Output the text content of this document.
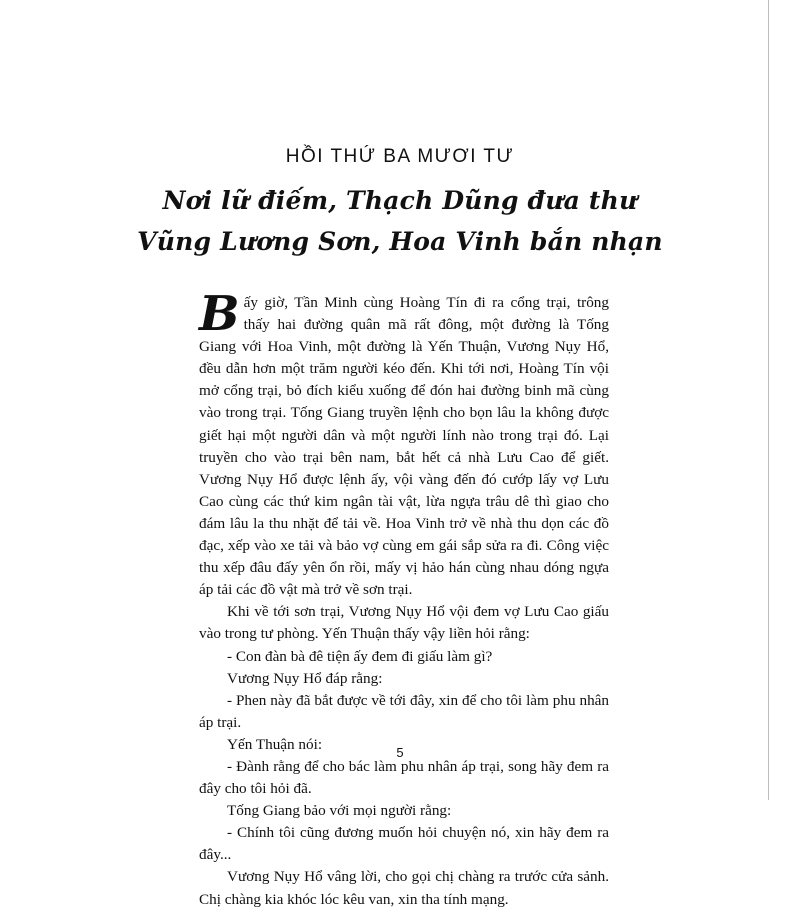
HỒI THỨ BA MƯƠI TƯ
Nơi lữ điếm, Thạch Dũng đưa thư
Vũng Lương Sơn, Hoa Vinh bắn nhạn

Bấy giờ, Tần Minh cùng Hoàng Tín đi ra cổng trại, trông thấy hai đường quân mã rất đông, một đường là Tống Giang với Hoa Vinh, một đường là Yến Thuận, Vương Nụy Hổ, đều dẫn hơn một trăm người kéo đến. Khi tới nơi, Hoàng Tín vội mở cổng trại, bỏ đích kiểu xuống để đón hai đường binh mã cùng vào trong trại. Tống Giang truyền lệnh cho bọn lâu la không được giết hại một người dân và một người lính nào trong trại đó. Lại truyền cho vào trại bên nam, bắt hết cả nhà Lưu Cao để giết. Vương Nụy Hổ được lệnh ấy, vội vàng đến đó cướp lấy vợ Lưu Cao cùng các thứ kim ngân tài vật, lừa ngựa trâu dê thì giao cho đám lâu la thu nhặt để tải về. Hoa Vinh trở về nhà thu dọn các đồ đạc, xếp vào xe tải và bảo vợ cùng em gái sắp sửa ra đi. Công việc thu xếp đâu đấy yên ổn rồi, mấy vị hảo hán cùng nhau dóng ngựa áp tải các đồ vật mà trở về sơn trại.

Khi về tới sơn trại, Vương Nụy Hổ vội đem vợ Lưu Cao giấu vào trong tư phòng. Yến Thuận thấy vậy liền hỏi rằng:

- Con đàn bà đê tiện ấy đem đi giấu làm gì?

Vương Nụy Hổ đáp rằng:

- Phen này đã bắt được về tới đây, xin để cho tôi làm phu nhân áp trại.

Yến Thuận nói:

- Đành rằng để cho bác làm phu nhân áp trại, song hãy đem ra đây cho tôi hỏi đã.

Tống Giang bảo với mọi người rằng:

- Chính tôi cũng đương muốn hỏi chuyện nó, xin hãy đem ra đây...

Vương Nụy Hổ vâng lời, cho gọi chị chàng ra trước cửa sảnh. Chị chàng kia khóc lóc kêu van, xin tha tính mạng.

5
